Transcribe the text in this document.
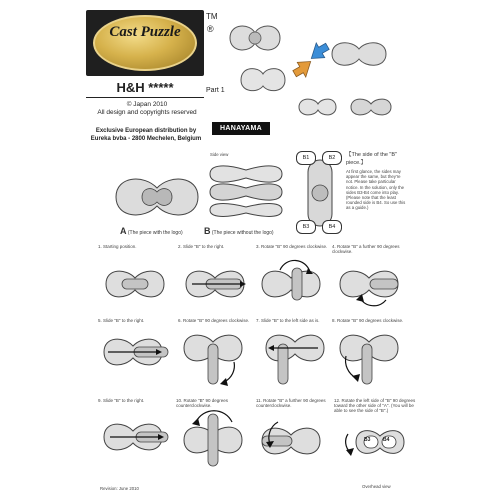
Cast Puzzle
TM
®
H&H *****
© Japan 2010
All design and copyrights reserved
Part 1
Exclusive European distribution by Eureka bvba - 2800 Mechelen, Belgium
HANAYAMA
A (The piece with the logo)
Side view
B (The piece without the logo)
B1	B2
B3	B4
【The side of the "B" piece.】
At first glance, the sides may appear the same, but they're not. Please take particular notice. In the solution, only the sides B3-B4 come into play. (Please note that the least rounded side is B4. So use this as a guide.)
1. Starting position.	2. Slide "B" to the right.	3. Rotate "B" 90 degrees clockwise.	4. Rotate "B" a further 90 degrees clockwise.
5. Slide "B" to the right.	6. Rotate "B" 90 degrees clockwise.	7. Slide "B" to the left side as is.	8. Rotate "B" 90 degrees clockwise.
9. Slide "B" to the right.	10. Rotate "B" 90 degrees counterclockwise.
11. Rotate "B" a further 90 degrees counterclockwise.
12. Rotate the left side of "B" 90 degrees toward the other side of "A". (You will be able to see the side of "B".)
B3	B4
Overhead view
Revision: June 2010
